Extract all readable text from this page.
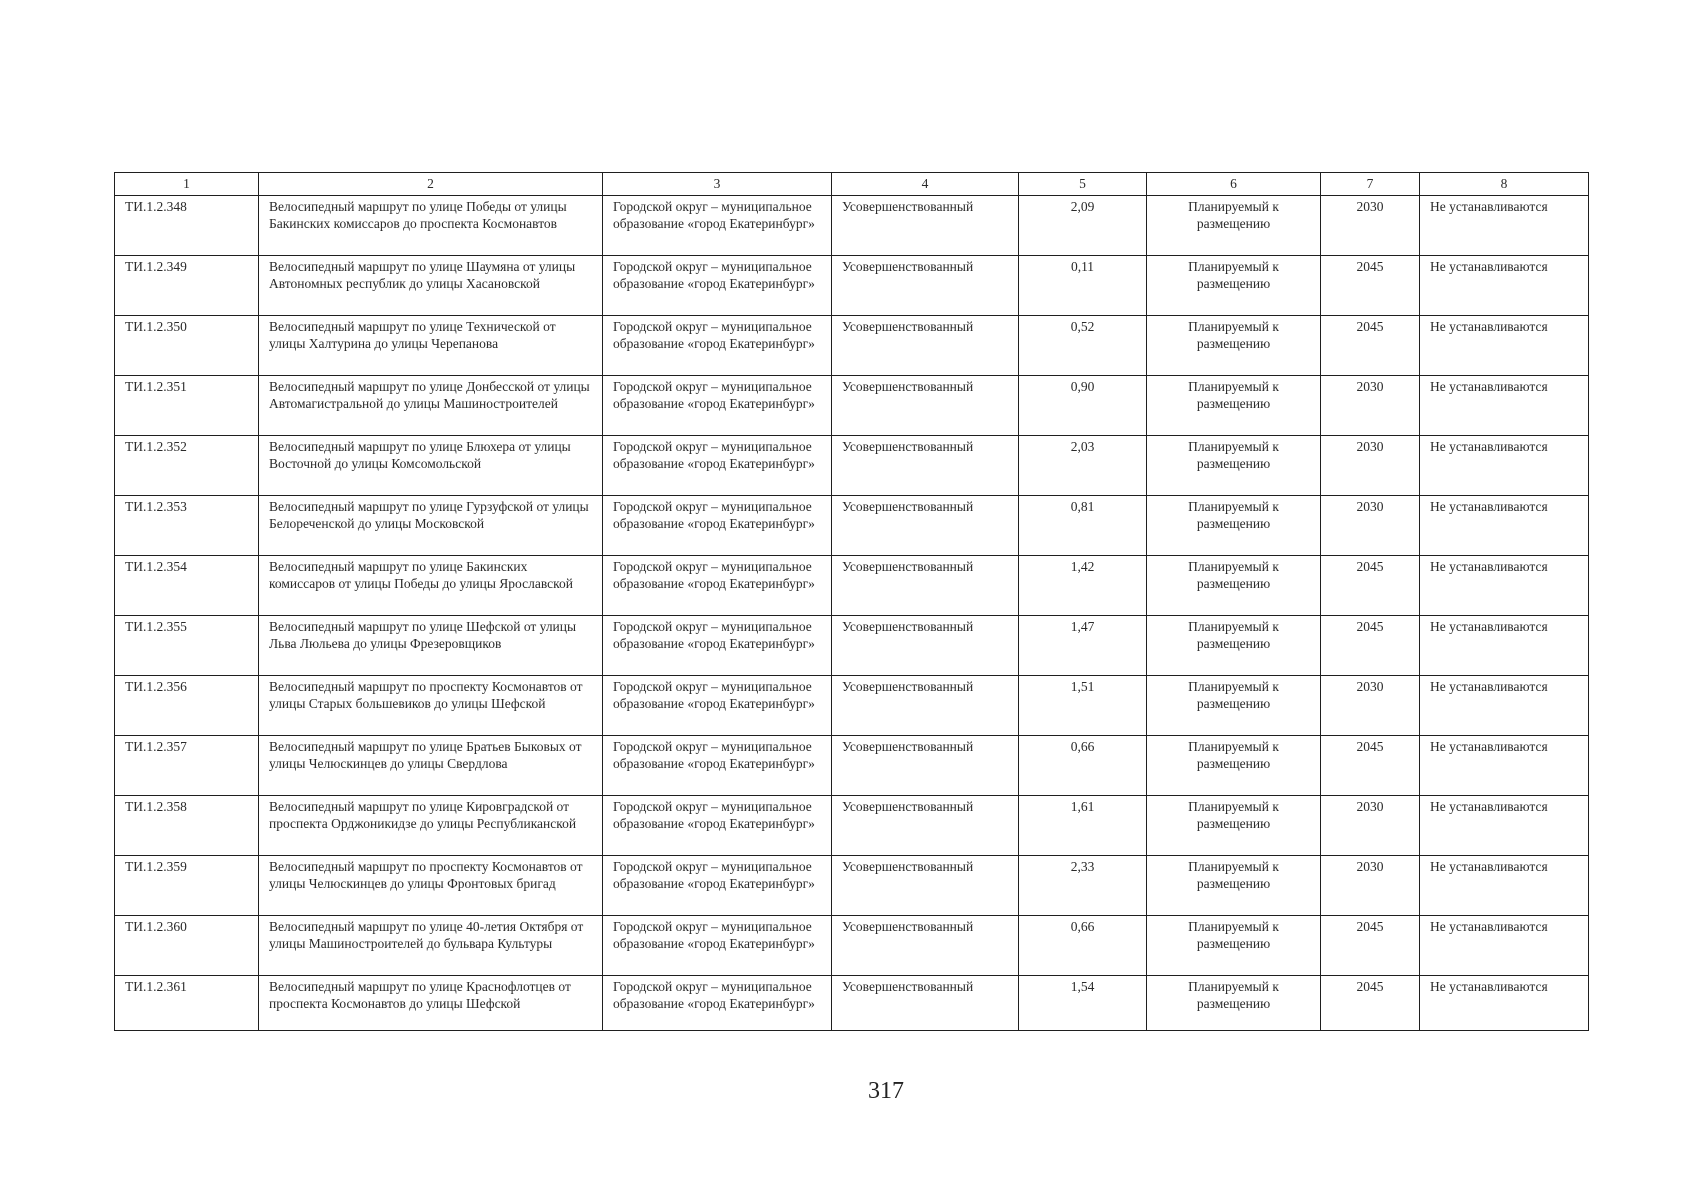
1	2	3	4	5	6	7	8
ТИ.1.2.348	Велосипедный маршрут по улице Победы от улицы Бакинских комиссаров до проспекта Космонавтов	Городской округ – муниципальное образование «город Екатеринбург»	Усовершенствованный	2,09	Планируемый к размещению	2030	Не устанавливаются
ТИ.1.2.349	Велосипедный маршрут по улице Шаумяна от улицы Автономных республик до улицы Хасановской	Городской округ – муниципальное образование «город Екатеринбург»	Усовершенствованный	0,11	Планируемый к размещению	2045	Не устанавливаются
ТИ.1.2.350	Велосипедный маршрут по улице Технической от улицы Халтурина до улицы Черепанова	Городской округ – муниципальное образование «город Екатеринбург»	Усовершенствованный	0,52	Планируемый к размещению	2045	Не устанавливаются
ТИ.1.2.351	Велосипедный маршрут по улице Донбесской от улицы Автомагистральной до улицы Машиностроителей	Городской округ – муниципальное образование «город Екатеринбург»	Усовершенствованный	0,90	Планируемый к размещению	2030	Не устанавливаются
ТИ.1.2.352	Велосипедный маршрут по улице Блюхера от улицы Восточной до улицы Комсомольской	Городской округ – муниципальное образование «город Екатеринбург»	Усовершенствованный	2,03	Планируемый к размещению	2030	Не устанавливаются
ТИ.1.2.353	Велосипедный маршрут по улице Гурзуфской от улицы Белореченской до улицы Московской	Городской округ – муниципальное образование «город Екатеринбург»	Усовершенствованный	0,81	Планируемый к размещению	2030	Не устанавливаются
ТИ.1.2.354	Велосипедный маршрут по улице Бакинских комиссаров от улицы Победы до улицы Ярославской	Городской округ – муниципальное образование «город Екатеринбург»	Усовершенствованный	1,42	Планируемый к размещению	2045	Не устанавливаются
ТИ.1.2.355	Велосипедный маршрут по улице Шефской от улицы Льва Люльева до улицы Фрезеровщиков	Городской округ – муниципальное образование «город Екатеринбург»	Усовершенствованный	1,47	Планируемый к размещению	2045	Не устанавливаются
ТИ.1.2.356	Велосипедный маршрут по проспекту Космонавтов от улицы Старых большевиков до улицы Шефской	Городской округ – муниципальное образование «город Екатеринбург»	Усовершенствованный	1,51	Планируемый к размещению	2030	Не устанавливаются
ТИ.1.2.357	Велосипедный маршрут по улице Братьев Быковых от улицы Челюскинцев до улицы Свердлова	Городской округ – муниципальное образование «город Екатеринбург»	Усовершенствованный	0,66	Планируемый к размещению	2045	Не устанавливаются
ТИ.1.2.358	Велосипедный маршрут по улице Кировградской от проспекта Орджоникидзе до улицы Республиканской	Городской округ – муниципальное образование «город Екатеринбург»	Усовершенствованный	1,61	Планируемый к размещению	2030	Не устанавливаются
ТИ.1.2.359	Велосипедный маршрут по проспекту Космонавтов от улицы Челюскинцев до улицы Фронтовых бригад	Городской округ – муниципальное образование «город Екатеринбург»	Усовершенствованный	2,33	Планируемый к размещению	2030	Не устанавливаются
ТИ.1.2.360	Велосипедный маршрут по улице 40-летия Октября от улицы Машиностроителей до бульвара Культуры	Городской округ – муниципальное образование «город Екатеринбург»	Усовершенствованный	0,66	Планируемый к размещению	2045	Не устанавливаются
ТИ.1.2.361	Велосипедный маршрут по улице Краснофлотцев от проспекта Космонавтов до улицы Шефской	Городской округ – муниципальное образование «город Екатеринбург»	Усовершенствованный	1,54	Планируемый к размещению	2045	Не устанавливаются
317
